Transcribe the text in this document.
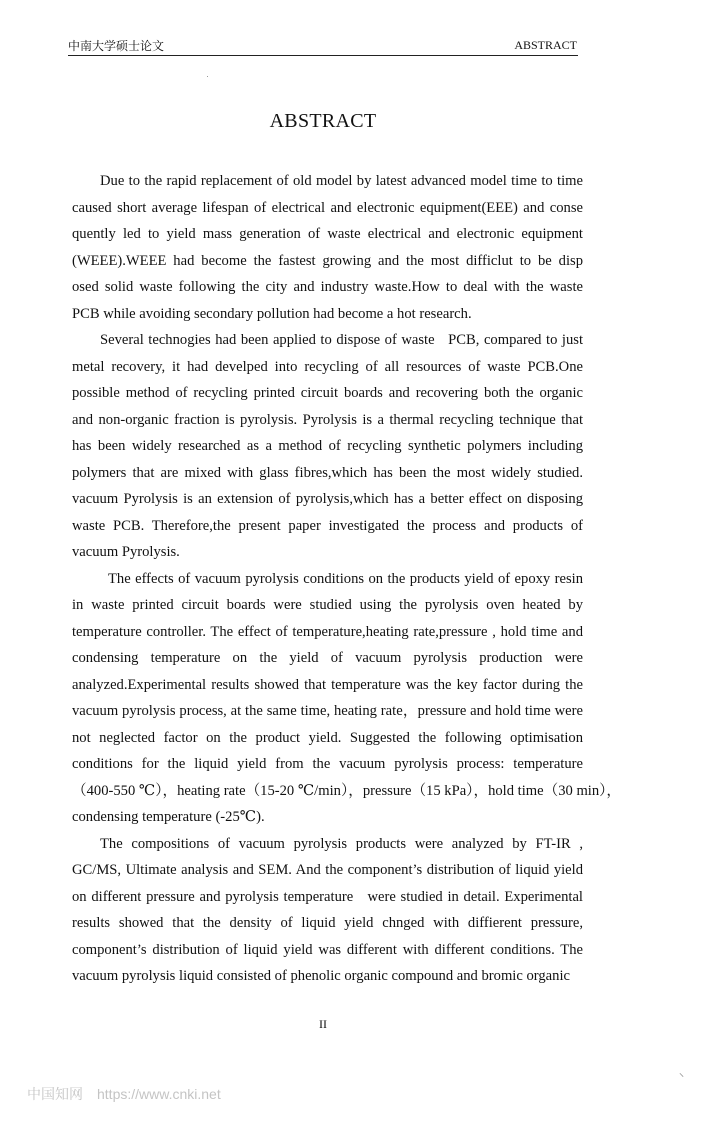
中南大学硕士论文	ABSTRACT
ABSTRACT
Due to the rapid replacement of old model by latest advanced model time to time
caused short average lifespan of electrical and electronic equipment(EEE) and conse
quently led to yield mass generation of waste electrical and electronic equipment
(WEEE).WEEE had become the fastest growing and the most difficlut to be disp
osed solid waste following the city and industry waste.How to deal with the waste
PCB while avoiding secondary pollution had become a hot research.
Several technogies had been applied to dispose of waste   PCB, compared to just
metal recovery, it had develped into recycling of all resources of waste PCB.One
possible method of recycling printed circuit boards and recovering both the organic
and non-organic fraction is pyrolysis. Pyrolysis is a thermal recycling technique that
has been widely researched as a method of recycling synthetic polymers including
polymers that are mixed with glass fibres,which has been the most widely studied.
vacuum Pyrolysis is an extension of pyrolysis,which has a better effect on disposing
waste PCB. Therefore,the present paper investigated the process and products of
vacuum Pyrolysis.
The effects of vacuum pyrolysis conditions on the products yield of epoxy resin
in waste printed circuit boards were studied using the pyrolysis oven heated by
temperature controller. The effect of temperature,heating rate,pressure , hold time and
condensing temperature on the yield of vacuum pyrolysis production were
analyzed.Experimental results showed that temperature was the key factor during the
vacuum pyrolysis process, at the same time, heating rate，pressure and hold time were
not neglected factor on the product yield. Suggested the following optimisation
conditions for the liquid yield from the vacuum pyrolysis process: temperature
（400-550 ℃），heating rate（15-20 ℃/min），pressure（15 kPa），hold time（30 min），
condensing temperature (-25℃).
The compositions of vacuum pyrolysis products were analyzed by FT-IR ,
GC/MS, Ultimate analysis and SEM. And the component’s distribution of liquid yield
on different pressure and pyrolysis temperature   were studied in detail. Experimental
results showed that the density of liquid yield chnged with diffierent pressure,
component’s distribution of liquid yield was different with different conditions. The
vacuum pyrolysis liquid consisted of phenolic organic compound and bromic organic
II
⸜
中国知网 https://www.cnki.net
